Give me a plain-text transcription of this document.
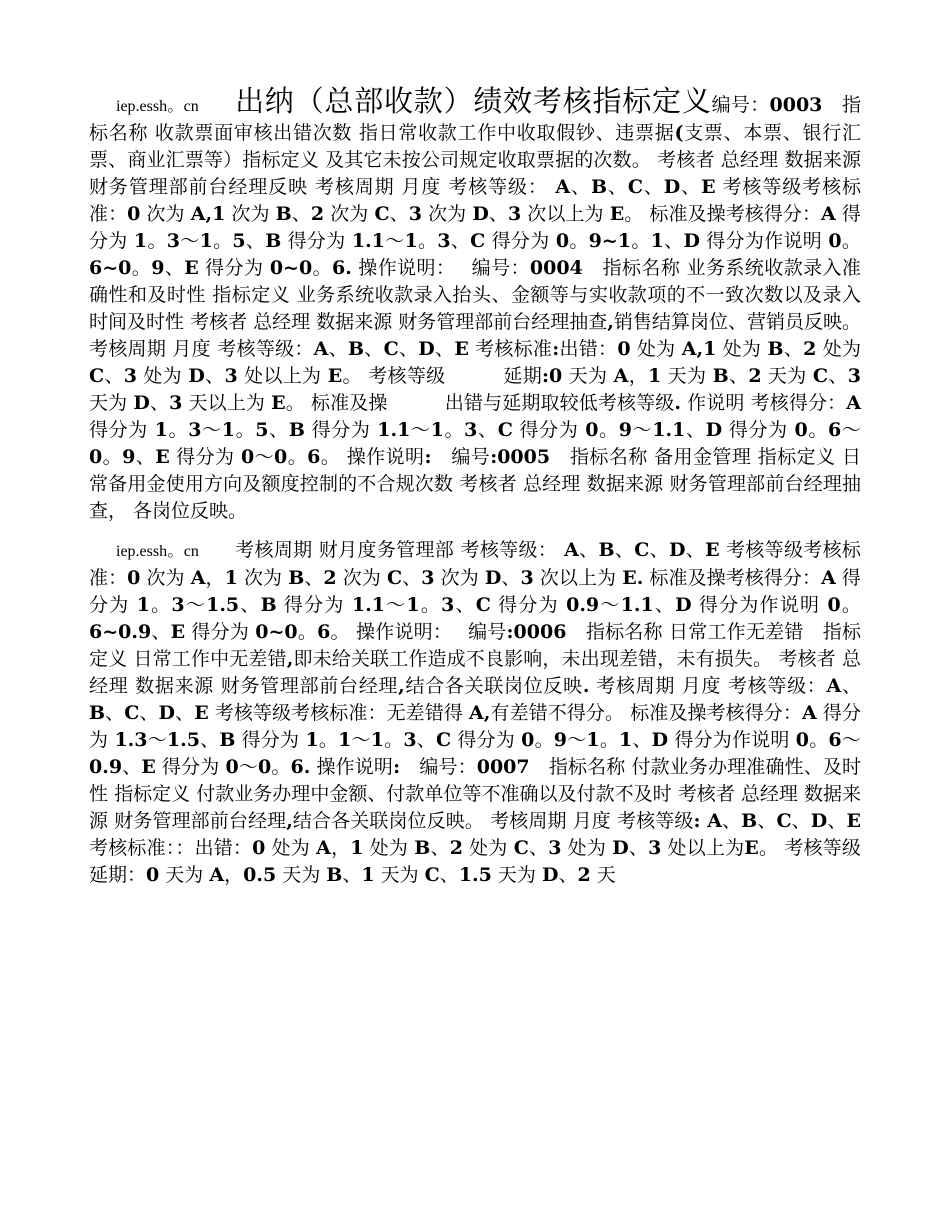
iep.essh。cn 出纳（总部收款）绩效考核指标定义编号：0003　指标名称 收款票面审核出错次数 指日常收款工作中收取假钞、违票据(支票、本票、银行汇票、商业汇票等）指标定义 及其它未按公司规定收取票据的次数。 考核者 总经理 数据来源 财务管理部前台经理反映 考核周期 月度 考核等级： A、B、C、D、E 考核等级考核标准：0 次为 A,1 次为 B、2 次为 C、3 次为 D、3 次以上为 E。 标准及操考核得分：A 得分为 1。3～1。5、B 得分为 1.1～1。3、C 得分为 0。9~1。1、D 得分为作说明 0。6~0。9、E 得分为 0~0。6. 操作说明：　 编号：0004　指标名称 业务系统收款录入准确性和及时性 指标定义 业务系统收款录入抬头、金额等与实收款项的不一致次数以及录入时间及时性 考核者 总经理 数据来源 财务管理部前台经理抽查,销售结算岗位、营销员反映。 考核周期 月度 考核等级：A、B、C、D、E 考核标准:出错：0 处为 A,1 处为 B、2 处为 C、3 处为 D、3 处以上为 E。 考核等级　　　延期:0 天为 A，1 天为 B、2 天为 C、3 天为 D、3 天以上为 E。 标准及操　　　出错与延期取较低考核等级. 作说明 考核得分：A 得分为 1。3～1。5、B 得分为 1.1～1。3、C 得分为 0。9～1.1、D 得分为 0。6～0。9、E 得分为 0～0。6。 操作说明:　编号:0005　指标名称 备用金管理 指标定义 日常备用金使用方向及额度控制的不合规次数 考核者 总经理 数据来源 财务管理部前台经理抽查， 各岗位反映。

iep.essh。cn 考核周期 财月度务管理部 考核等级： A、B、C、D、E 考核等级考核标准：0 次为 A，1 次为 B、2 次为 C、3 次为 D、3 次以上为 E. 标准及操考核得分：A 得分为 1。3～1.5、B 得分为 1.1～1。3、C 得分为 0.9～1.1、D 得分为作说明 0。6~0.9、E 得分为 0~0。6。 操作说明：　 编号:0006　指标名称 日常工作无差错　指标定义 日常工作中无差错,即未给关联工作造成不良影响，未出现差错，未有损失。 考核者 总经理 数据来源 财务管理部前台经理,结合各关联岗位反映. 考核周期 月度 考核等级：A、B、C、D、E 考核等级考核标准：无差错得 A,有差错不得分。 标准及操考核得分：A 得分为 1.3～1.5、B 得分为 1。1～1。3、C 得分为 0。9～1。1、D 得分为作说明 0。6～0.9、E 得分为 0～0。6. 操作说明:　编号：0007　指标名称 付款业务办理准确性、及时性 指标定义 付款业务办理中金额、付款单位等不准确以及付款不及时 考核者 总经理 数据来源 财务管理部前台经理,结合各关联岗位反映。 考核周期 月度 考核等级: A、B、C、D、E 考核标准：：出错：0 处为 A，1 处为 B、2 处为 C、3 处为 D、3 处以上为E。 考核等级　　　延期：0 天为 A，0.5 天为 B、1 天为 C、1.5 天为 D、2 天
